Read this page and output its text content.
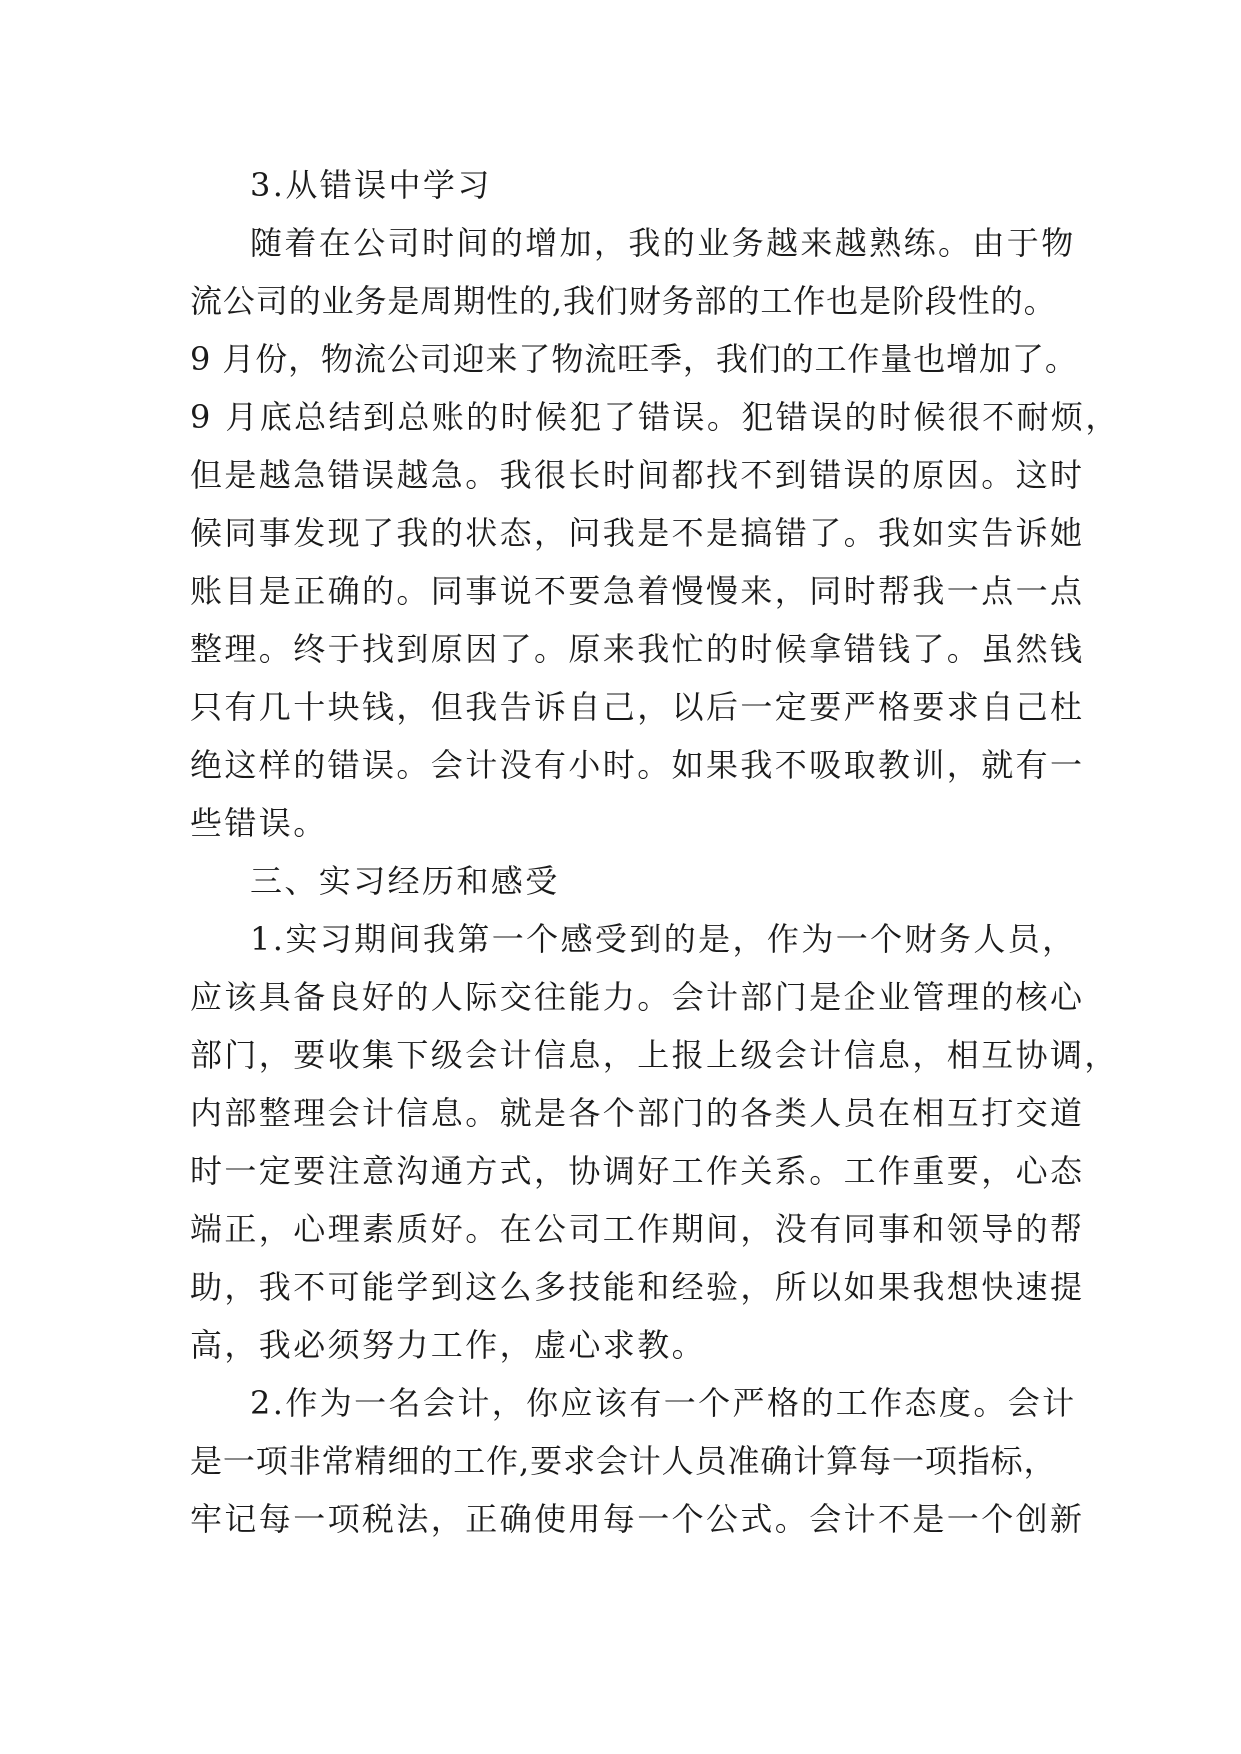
3.从错误中学习
随着在公司时间的增加，我的业务越来越熟练。由于物
流公司的业务是周期性的,我们财务部的工作也是阶段性的。
9 月份，物流公司迎来了物流旺季，我们的工作量也增加了。
9 月底总结到总账的时候犯了错误。犯错误的时候很不耐烦，
但是越急错误越急。我很长时间都找不到错误的原因。这时
候同事发现了我的状态，问我是不是搞错了。我如实告诉她
账目是正确的。同事说不要急着慢慢来，同时帮我一点一点
整理。终于找到原因了。原来我忙的时候拿错钱了。虽然钱
只有几十块钱，但我告诉自己，以后一定要严格要求自己杜
绝这样的错误。会计没有小时。如果我不吸取教训，就有一
些错误。
三、实习经历和感受
1.实习期间我第一个感受到的是，作为一个财务人员，
应该具备良好的人际交往能力。会计部门是企业管理的核心
部门，要收集下级会计信息，上报上级会计信息，相互协调，
内部整理会计信息。就是各个部门的各类人员在相互打交道
时一定要注意沟通方式，协调好工作关系。工作重要，心态
端正，心理素质好。在公司工作期间，没有同事和领导的帮
助，我不可能学到这么多技能和经验，所以如果我想快速提
高，我必须努力工作，虚心求教。
2.作为一名会计，你应该有一个严格的工作态度。会计
是一项非常精细的工作,要求会计人员准确计算每一项指标，
牢记每一项税法，正确使用每一个公式。会计不是一个创新
